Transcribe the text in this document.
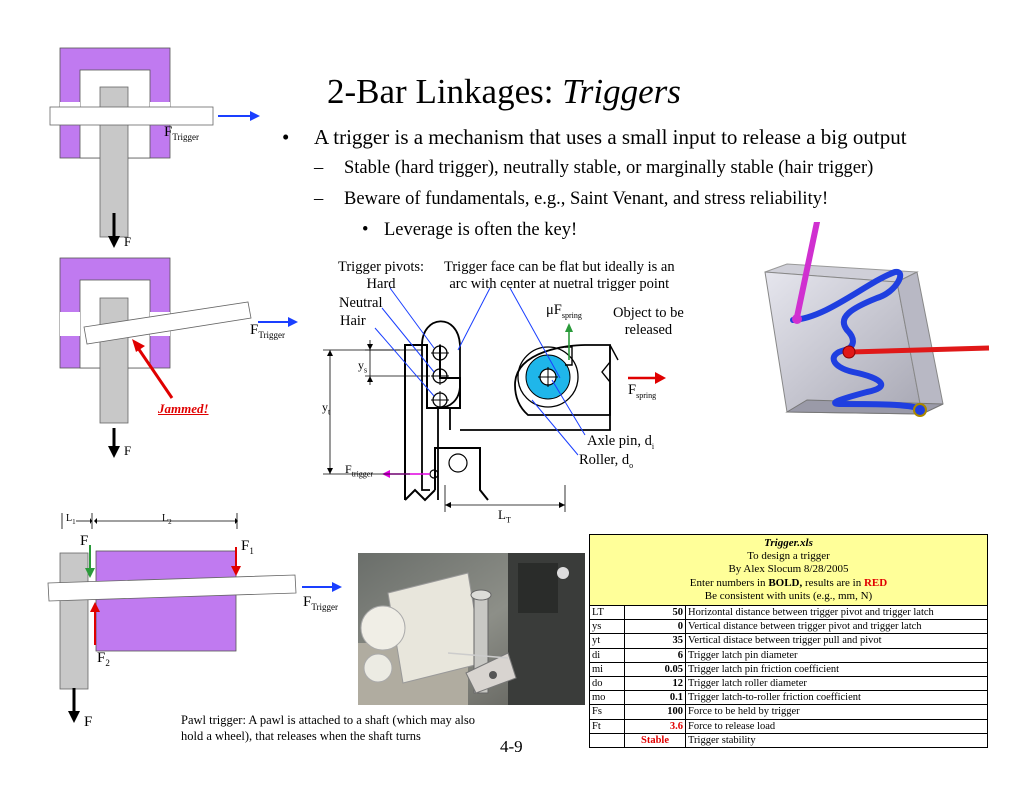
$F_{Trigger}$
F
$F_{Trigger}$
Jammed!
F
$L_1$	$L_2$
F	$F_1$
$F_2$
$F_{Trigger}$
F
2-Bar Linkages: Triggers
• A trigger is a mechanism that uses a small input to release a big output
– Stable (hard trigger), neutrally stable, or marginally stable (hair trigger)
– Beware of fundamentals, e.g., Saint Venant, and stress reliability!
• Leverage is often the key!
Trigger pivots:
Hard
Neutral
Hair
Trigger face can be flat but ideally is an
arc with center at nuetral trigger point
$\mu F_{spring}$ Object to be
released
$y_s$
$y_t$
$F_{trigger}$
$F_{spring}$
Axle pin, $d_i$
Roller, $d_o$
$L_T$
Pawl trigger: A pawl is attached to a shaft (which may also
hold a wheel), that releases when the shaft turns
4-9
Trigger.xls
To design a trigger
By Alex Slocum 8/28/2005
Enter numbers in BOLD, results are in RED
Be consistent with units (e.g., mm, N)		

LT	50	Horizontal distance between trigger pivot and trigger latch
ys	0	Vertical distance between trigger pivot and trigger latch
yt	35	Vertical distace between trigger pull and pivot
di	6	Trigger latch pin diameter
mi	0.05	Trigger latch pin friction coefficient
do	12	Trigger latch roller diameter
mo	0.1	Trigger latch-to-roller friction coefficient
Fs	100	Force to be held by trigger
Ft	3.6	Force to release load
	Stable	Trigger stability
